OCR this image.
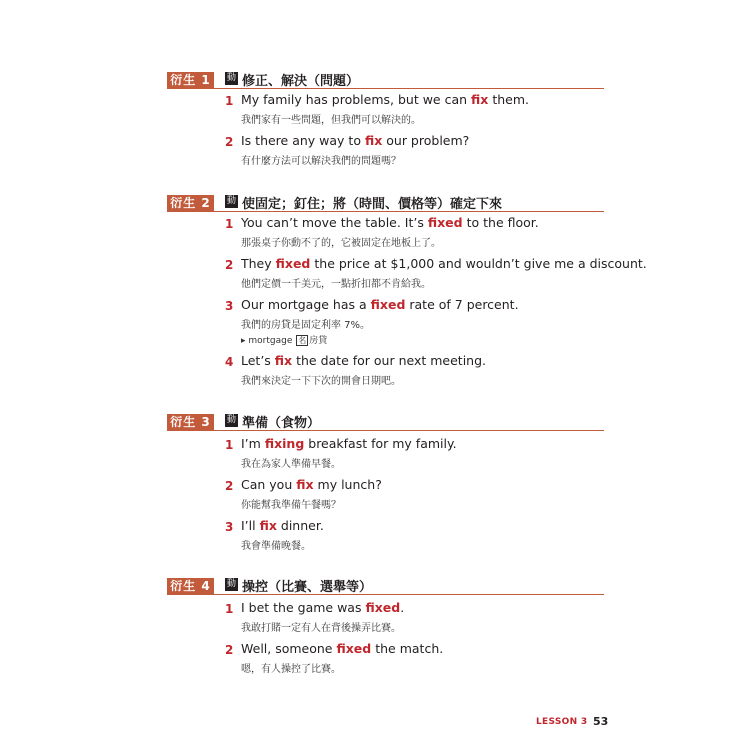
衍生 1	動 修正、解決（問題）
1 My family has problems, but we can fix them.
我們家有一些問題，但我們可以解決的。
2 Is there any way to fix our problem?
有什麼方法可以解決我們的問題嗎？
衍生 2	動 使固定；釘住；將（時間、價格等）確定下來
1 You can’t move the table. It’s fixed to the floor.
那張桌子你動不了的，它被固定在地板上了。
2 They fixed the price at $1,000 and wouldn’t give me a discount.
他們定價一千美元，一點折扣都不肯給我。
3 Our mortgage has a fixed rate of 7 percent.
我們的房貸是固定利率 7%。
▸ mortgage 名 房貸
4 Let’s fix the date for our next meeting.
我們來決定一下下次的開會日期吧。
衍生 3	動 準備（食物）
1 I’m fixing breakfast for my family.
我在為家人準備早餐。
2 Can you fix my lunch?
你能幫我準備午餐嗎？
3 I’ll fix dinner.
我會準備晚餐。
衍生 4	動 操控（比賽、選舉等）
1 I bet the game was fixed.
我敢打賭一定有人在背後操弄比賽。
2 Well, someone fixed the match.
嗯，有人操控了比賽。
LESSON 3 53
